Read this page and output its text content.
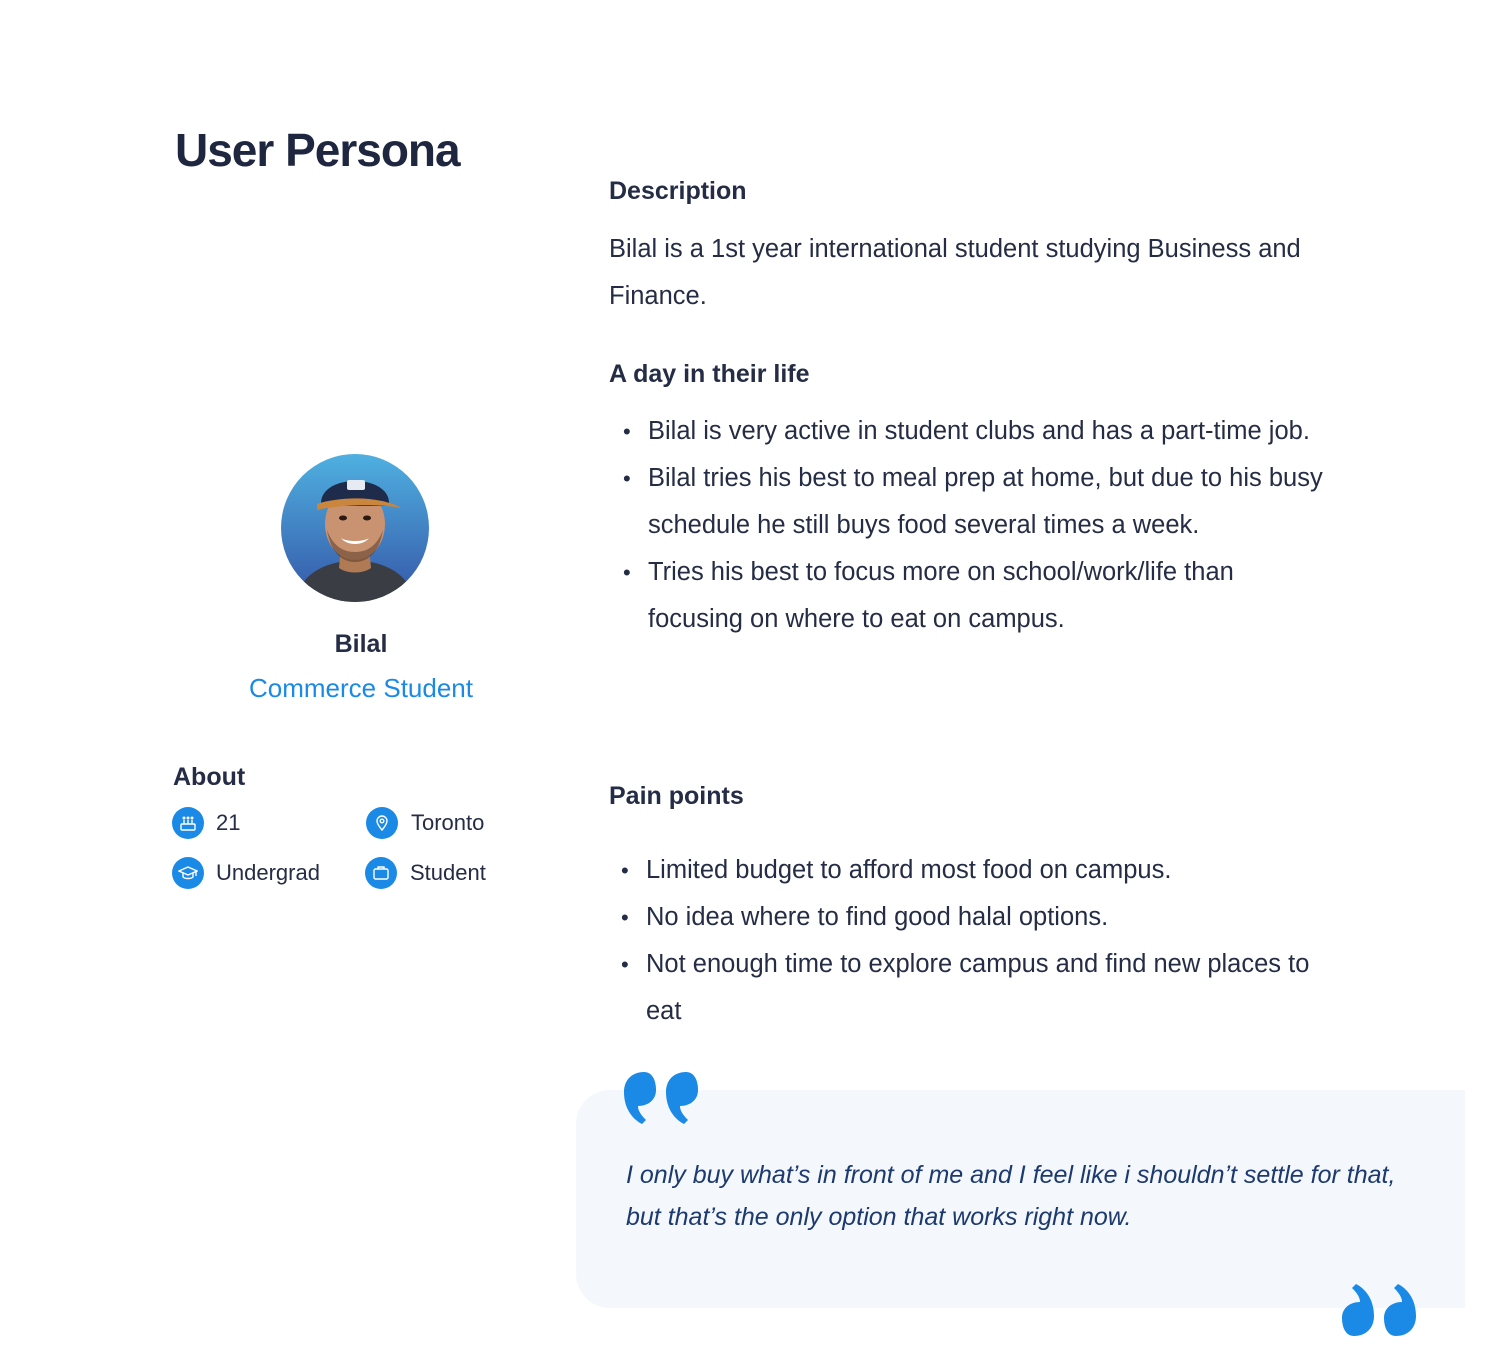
User Persona
Bilal
Commerce Student
About
21	Toronto
Undergrad	Student
Description

Bilal is a 1st year international student studying Business and Finance.

A day in their life
• Bilal is very active in student clubs and has a part-time job.
• Bilal tries his best to meal prep at home, but due to his busy schedule he still buys food several times a week.
• Tries his best to focus more on school/work/life than focusing on where to eat on campus.
Pain points
• Limited budget to afford most food on campus.
• No idea where to find good halal options.
• Not enough time to explore campus and find new places to eat

I only buy what’s in front of me and I feel like i shouldn’t settle for that, but that’s the only option that works right now.
